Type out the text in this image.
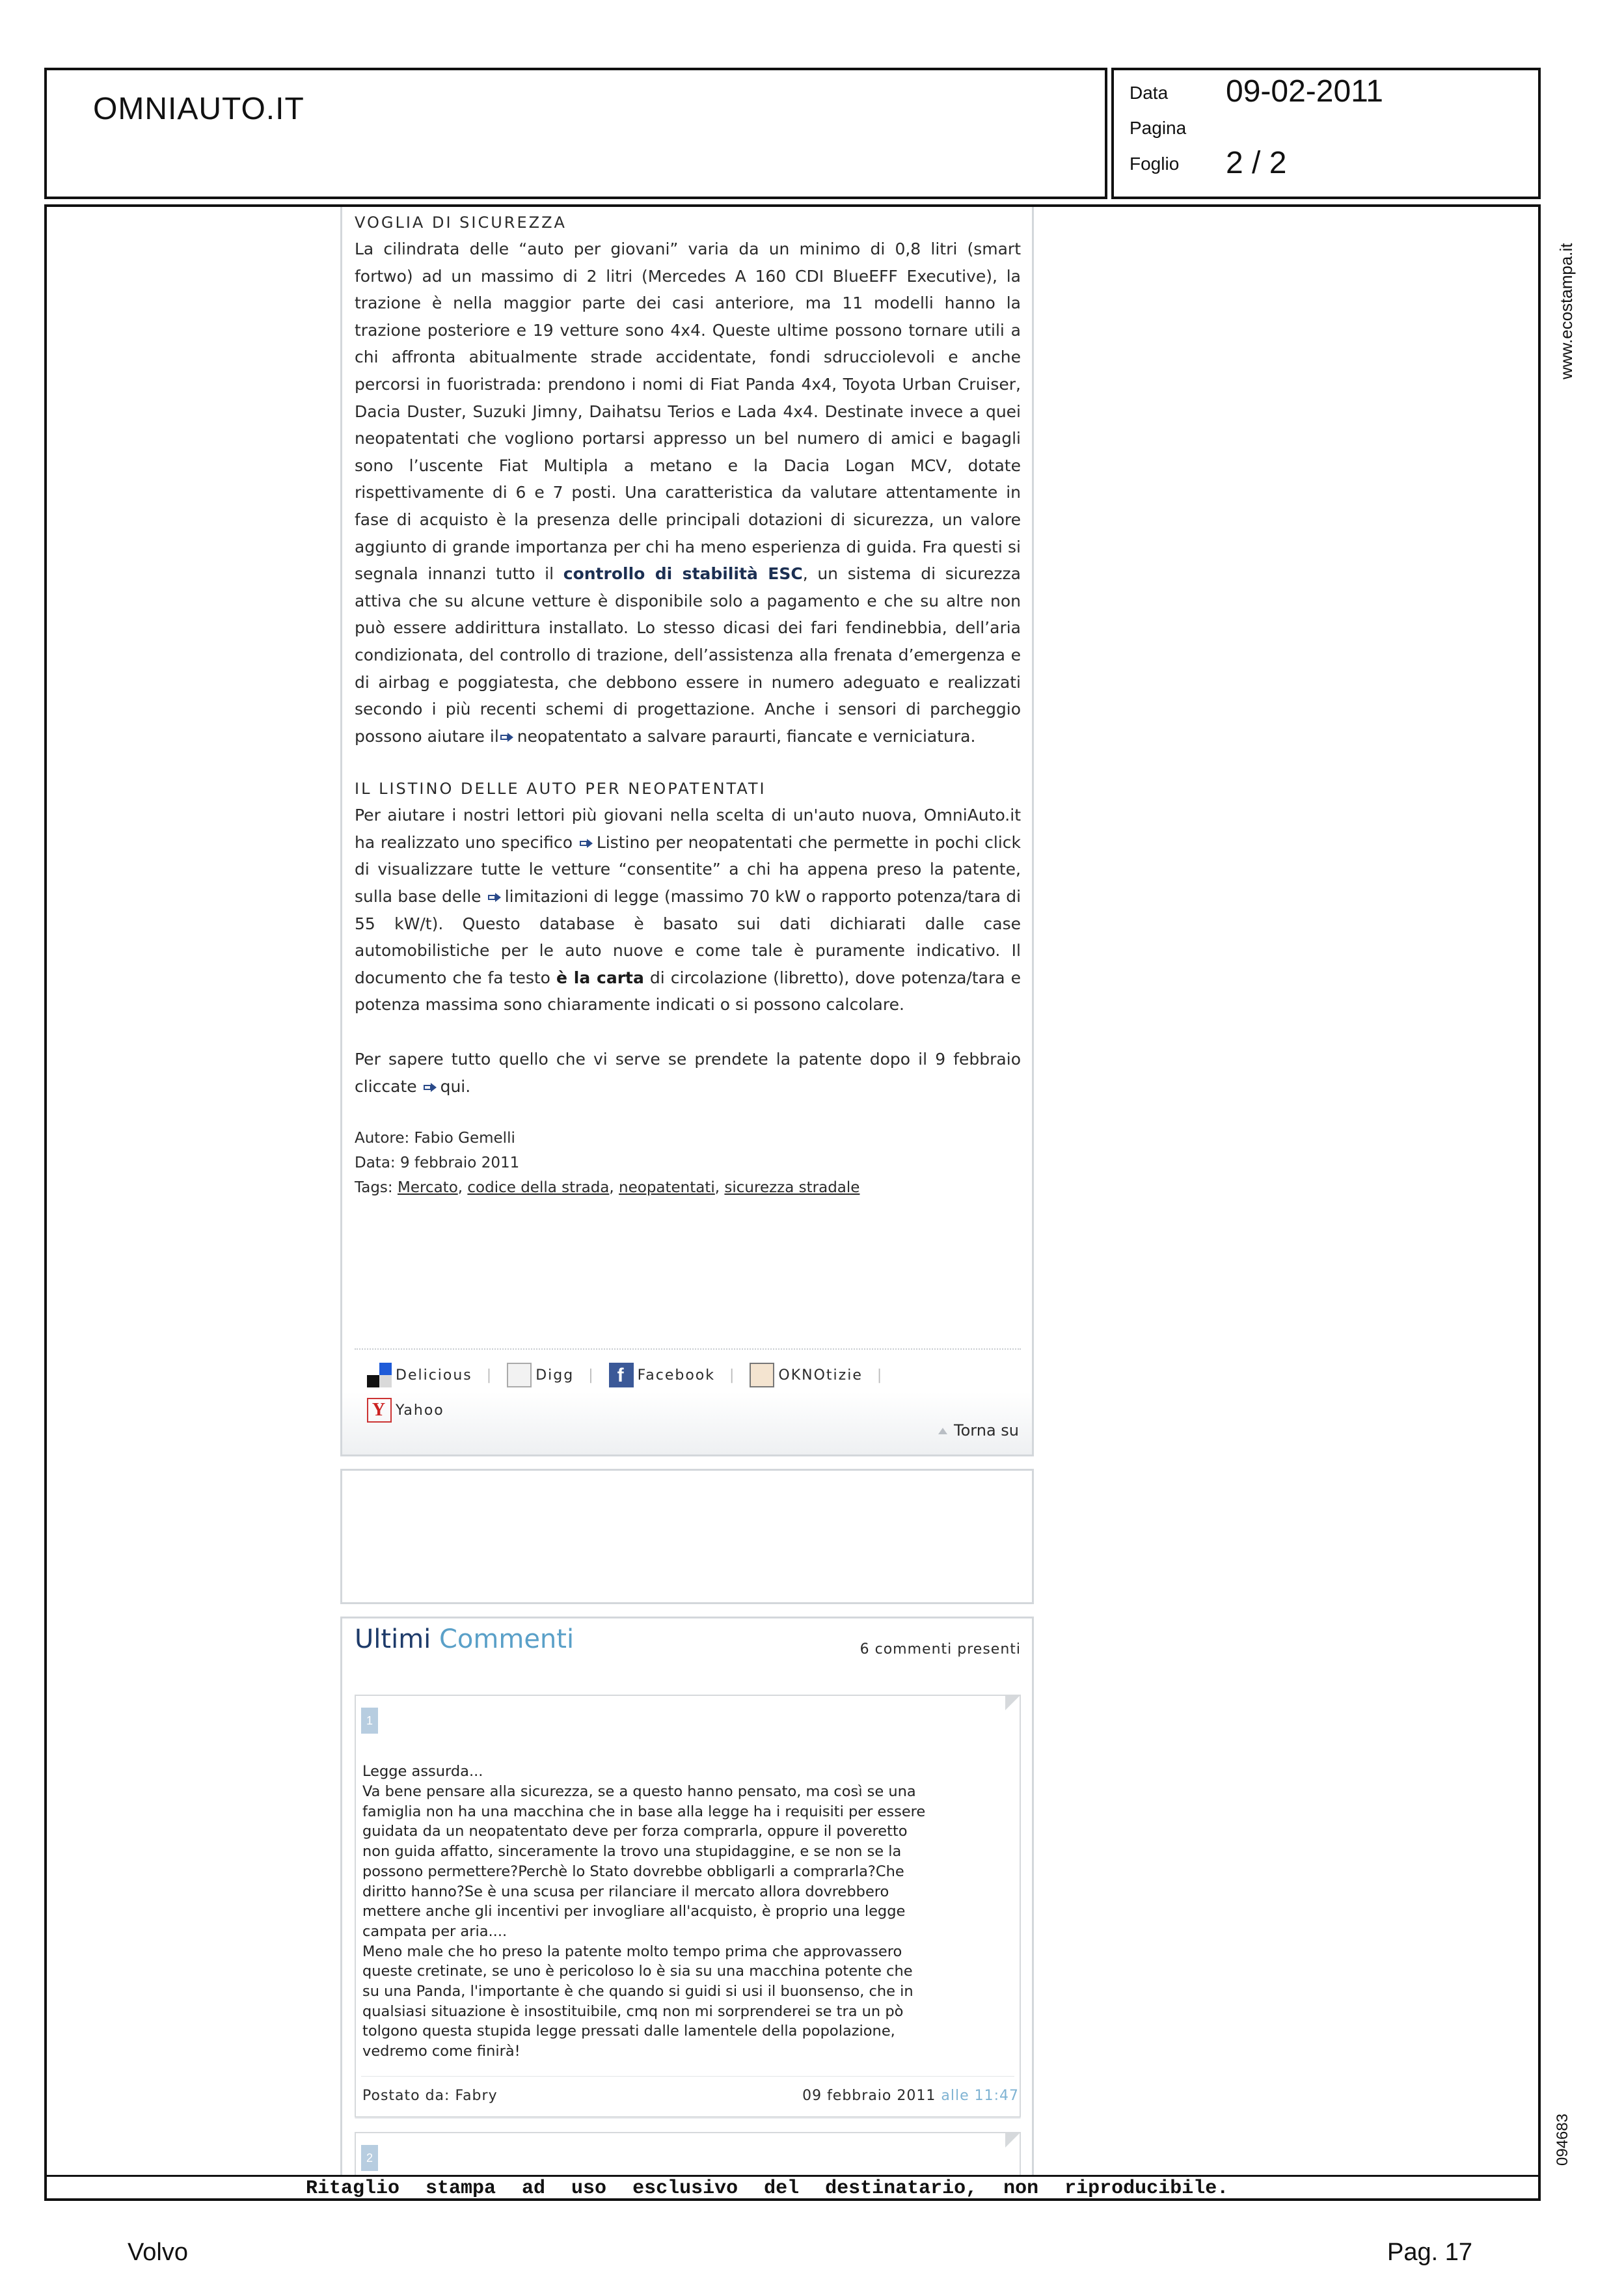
OMNIAUTO.IT	Data 09-02-2011
Pagina
Foglio 2 / 2
Ritaglio stampa ad uso esclusivo del destinatario, non riproducibile.
www.ecostampa.it
094683
VOGLIA DI SICUREZZA

La cilindrata delle “auto per giovani” varia da un minimo di 0,8 litri (smart fortwo) ad un massimo di 2 litri (Mercedes A 160 CDI BlueEFF Executive), la trazione è nella maggior parte dei casi anteriore, ma 11 modelli hanno la trazione posteriore e 19 vetture sono 4x4. Queste ultime possono tornare utili a chi affronta abitualmente strade accidentate, fondi sdrucciolevoli e anche percorsi in fuoristrada: prendono i nomi di Fiat Panda 4x4, Toyota Urban Cruiser, Dacia Duster, Suzuki Jimny, Daihatsu Terios e Lada 4x4. Destinate invece a quei neopatentati che vogliono portarsi appresso un bel numero di amici e bagagli sono l’uscente Fiat Multipla a metano e la Dacia Logan MCV, dotate rispettivamente di 6 e 7 posti. Una caratteristica da valutare attentamente in fase di acquisto è la presenza delle principali dotazioni di sicurezza, un valore aggiunto di grande importanza per chi ha meno esperienza di guida. Fra questi si segnala innanzi tutto il controllo di stabilità ESC, un sistema di sicurezza attiva che su alcune vetture è disponibile solo a pagamento e che su altre non può essere addirittura installato. Lo stesso dicasi dei fari fendinebbia, dell’aria condizionata, del controllo di trazione, dell’assistenza alla frenata d’emergenza e di airbag e poggiatesta, che debbono essere in numero adeguato e realizzati secondo i più recenti schemi di progettazione. Anche i sensori di parcheggio possono aiutare il neopatentato a salvare paraurti, fiancate e verniciatura.

IL LISTINO DELLE AUTO PER NEOPATENTATI

Per aiutare i nostri lettori più giovani nella scelta di un'auto nuova, OmniAuto.it ha realizzato uno specifico Listino per neopatentati che permette in pochi click di visualizzare tutte le vetture “consentite” a chi ha appena preso la patente, sulla base delle limitazioni di legge (massimo 70 kW o rapporto potenza/tara di 55 kW/t). Questo database è basato sui dati dichiarati dalle case automobilistiche per le auto nuove e come tale è puramente indicativo. Il documento che fa testo è la carta di circolazione (libretto), dove potenza/tara e potenza massima sono chiaramente indicati o si possono calcolare.

Per sapere tutto quello che vi serve se prendete la patente dopo il 9 febbraio cliccate qui.

Autore: Fabio Gemelli
Data: 9 febbraio 2011
Tags: Mercato, codice della strada, neopatentati, sicurezza stradale
Delicious |	Digg |	f Facebook |	OKNOtizie |
Y Yahoo
Torna su
Ultimi Commenti	6 commenti presenti
1
Legge assurda...
Va bene pensare alla sicurezza, se a questo hanno pensato, ma così se una
famiglia non ha una macchina che in base alla legge ha i requisiti per essere
guidata da un neopatentato deve per forza comprarla, oppure il poveretto
non guida affatto, sinceramente la trovo una stupidaggine, e se non se la
possono permettere?Perchè lo Stato dovrebbe obbligarli a comprarla?Che
diritto hanno?Se è una scusa per rilanciare il mercato allora dovrebbero
mettere anche gli incentivi per invogliare all'acquisto, è proprio una legge
campata per aria....
Meno male che ho preso la patente molto tempo prima che approvassero
queste cretinate, se uno è pericoloso lo è sia su una macchina potente che
su una Panda, l'importante è che quando si guidi si usi il buonsenso, che in
qualsiasi situazione è insostituibile, cmq non mi sorprenderei se tra un pò
tolgono questa stupida legge pressati dalle lamentele della popolazione,
vedremo come finirà!
Postato da: Fabry	09 febbraio 2011 alle 11:47
2
Volvo	Pag. 17
